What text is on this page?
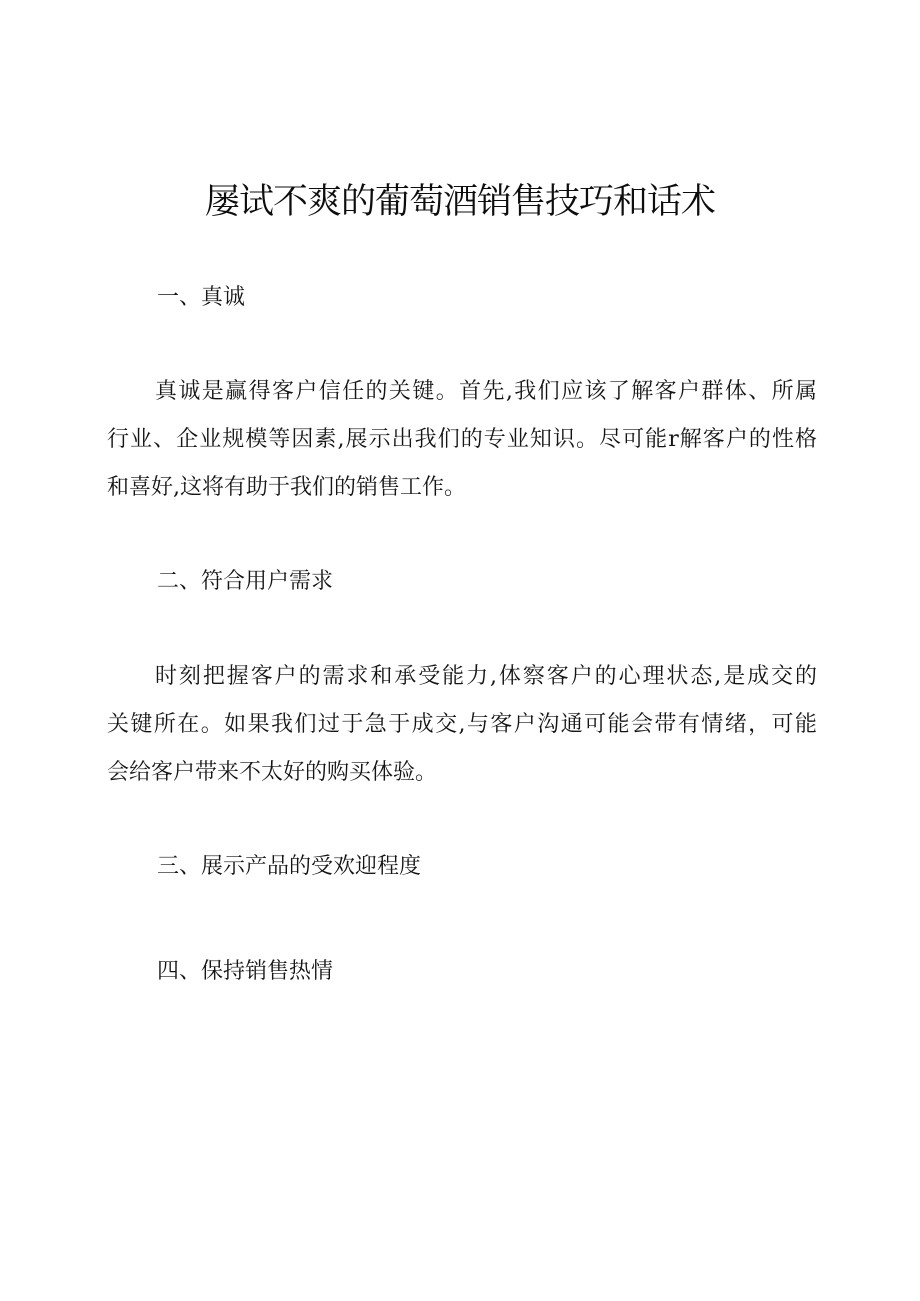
屡试不爽的葡萄酒销售技巧和话术
一、真诚
真诚是赢得客户信任的关键。首先,我们应该了解客户群体、所属
行业、企业规模等因素,展示出我们的专业知识。尽可能r解客户的性格
和喜好,这将有助于我们的销售工作。
二、符合用户需求
时刻把握客户的需求和承受能力,体察客户的心理状态,是成交的
关键所在。如果我们过于急于成交,与客户沟通可能会带有情绪，可能
会给客户带来不太好的购买体验。
三、展示产品的受欢迎程度
四、保持销售热情
